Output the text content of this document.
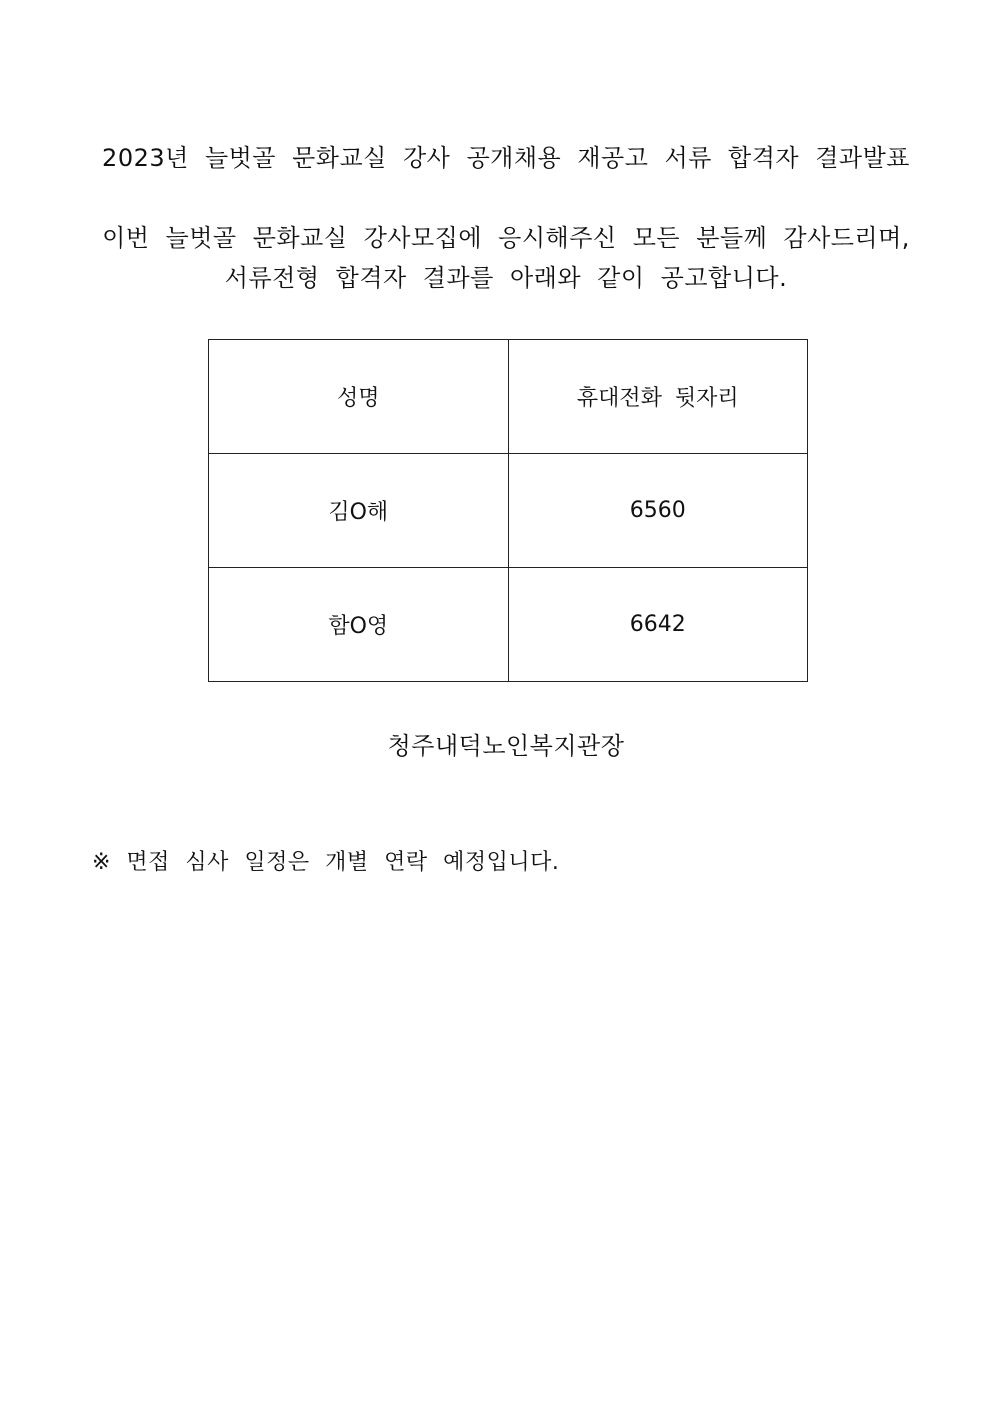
2023년 늘벗골 문화교실 강사 공개채용 재공고 서류 합격자 결과발표
이번 늘벗골 문화교실 강사모집에 응시해주신 모든 분들께 감사드리며,
서류전형 합격자 결과를 아래와 같이 공고합니다.
성명	휴대전화 뒷자리
김O해	6560
함O영	6642
청주내덕노인복지관장
※ 면접 심사 일정은 개별 연락 예정입니다.
